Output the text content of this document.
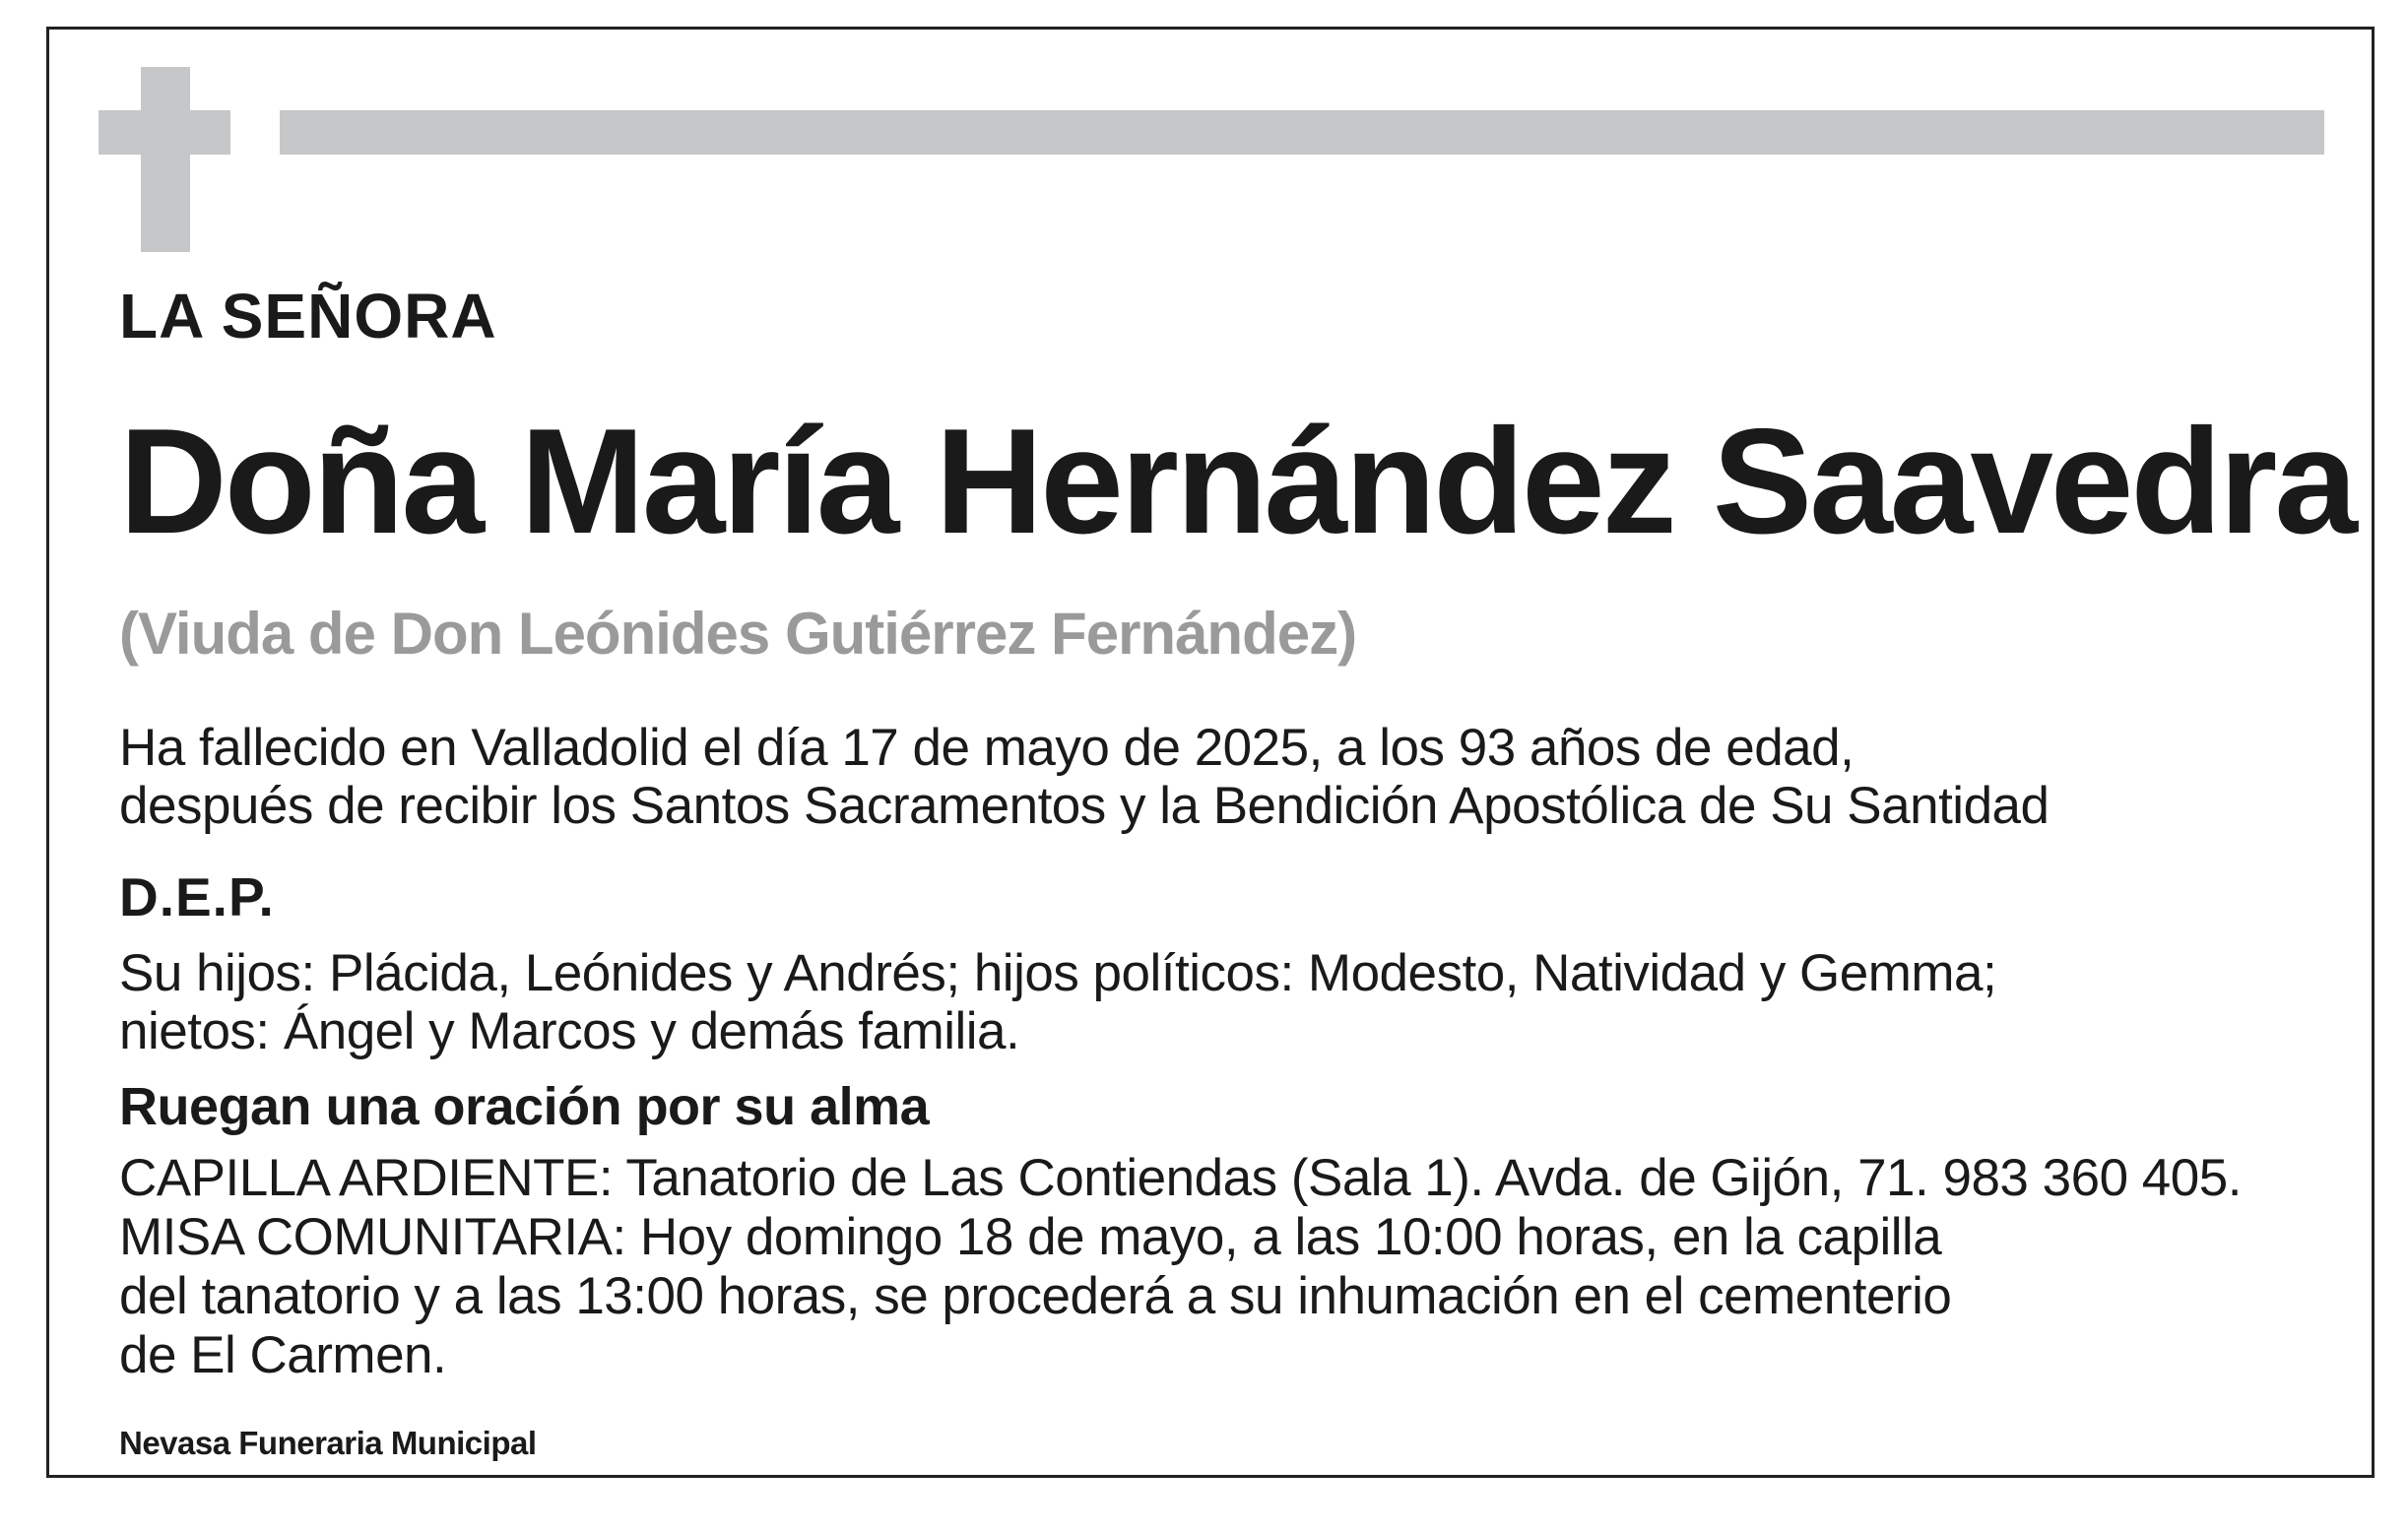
LA SEÑORA
Doña María Hernández Saavedra
(Viuda de Don Leónides Gutiérrez Fernández)
Ha fallecido en Valladolid el día 17 de mayo de 2025, a los 93 años de edad,
después de recibir los Santos Sacramentos y la Bendición Apostólica de Su Santidad
D.E.P.
Su hijos: Plácida, Leónides y Andrés; hijos políticos: Modesto, Natividad y Gemma;
nietos: Ángel y Marcos y demás familia.
Ruegan una oración por su alma
CAPILLA ARDIENTE: Tanatorio de Las Contiendas (Sala 1). Avda. de Gijón, 71. 983 360 405.
MISA COMUNITARIA: Hoy domingo 18 de mayo, a las 10:00 horas, en la capilla
del tanatorio y a las 13:00 horas, se procederá a su inhumación en el cementerio
de El Carmen.
Nevasa Funeraria Municipal
